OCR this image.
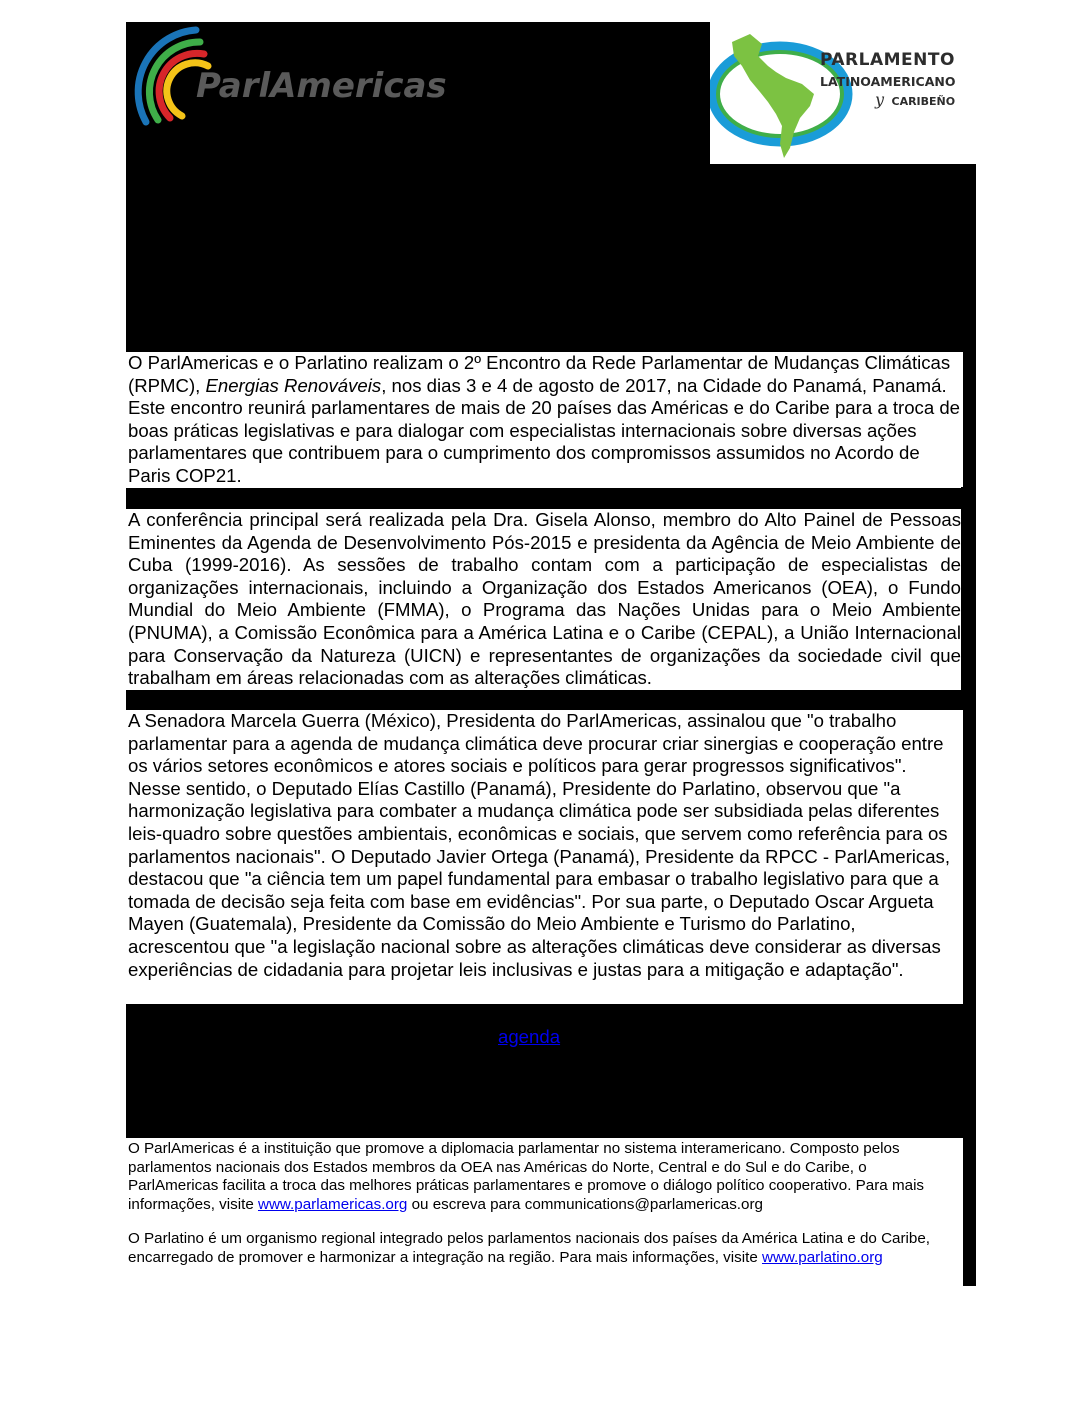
ParlAmericas
PARLAMENTO
LATINOAMERICANO
y CARIBEÑO

O ParlAmericas e o Parlatino realizam o 2º Encontro da Rede Parlamentar de Mudanças Climáticas (RPMC), Energias Renováveis, nos dias 3 e 4 de agosto de 2017, na Cidade do Panamá, Panamá. Este encontro reunirá parlamentares de mais de 20 países das Américas e do Caribe para a troca de boas práticas legislativas e para dialogar com especialistas internacionais sobre diversas ações parlamentares que contribuem para o cumprimento dos compromissos assumidos no Acordo de Paris COP21.

A conferência principal será realizada pela Dra. Gisela Alonso, membro do Alto Painel de Pessoas Eminentes da Agenda de Desenvolvimento Pós-2015 e presidenta da Agência de Meio Ambiente de Cuba (1999-2016). As sessões de trabalho contam com a participação de especialistas de organizações internacionais, incluindo a Organização dos Estados Americanos (OEA), o Fundo Mundial do Meio Ambiente (FMMA), o Programa das Nações Unidas para o Meio Ambiente (PNUMA), a Comissão Econômica para a América Latina e o Caribe (CEPAL), a União Internacional para Conservação da Natureza (UICN) e representantes de organizações da sociedade civil que trabalham em áreas relacionadas com as alterações climáticas.

A Senadora Marcela Guerra (México), Presidenta do ParlAmericas, assinalou que "o trabalho parlamentar para a agenda de mudança climática deve procurar criar sinergias e cooperação entre os vários setores econômicos e atores sociais e políticos para gerar progressos significativos". Nesse sentido, o Deputado Elías Castillo (Panamá), Presidente do Parlatino, observou que "a harmonização legislativa para combater a mudança climática pode ser subsidiada pelas diferentes leis-quadro sobre questões ambientais, econômicas e sociais, que servem como referência para os parlamentos nacionais". O Deputado Javier Ortega (Panamá), Presidente da RPCC - ParlAmericas, destacou que "a ciência tem um papel fundamental para embasar o trabalho legislativo para que a tomada de decisão seja feita com base em evidências". Por sua parte, o Deputado Oscar Argueta Mayen (Guatemala), Presidente da Comissão do Meio Ambiente e Turismo do Parlatino, acrescentou que "a legislação nacional sobre as alterações climáticas deve considerar as diversas experiências de cidadania para projetar leis inclusivas e justas para a mitigação e adaptação".

agenda

O ParlAmericas é a instituição que promove a diplomacia parlamentar no sistema interamericano. Composto pelos parlamentos nacionais dos Estados membros da OEA nas Américas do Norte, Central e do Sul e do Caribe, o ParlAmericas facilita a troca das melhores práticas parlamentares e promove o diálogo político cooperativo. Para mais informações, visite www.parlamericas.org ou escreva para communications@parlamericas.org

O Parlatino é um organismo regional integrado pelos parlamentos nacionais dos países da América Latina e do Caribe, encarregado de promover e harmonizar a integração na região. Para mais informações, visite www.parlatino.org
